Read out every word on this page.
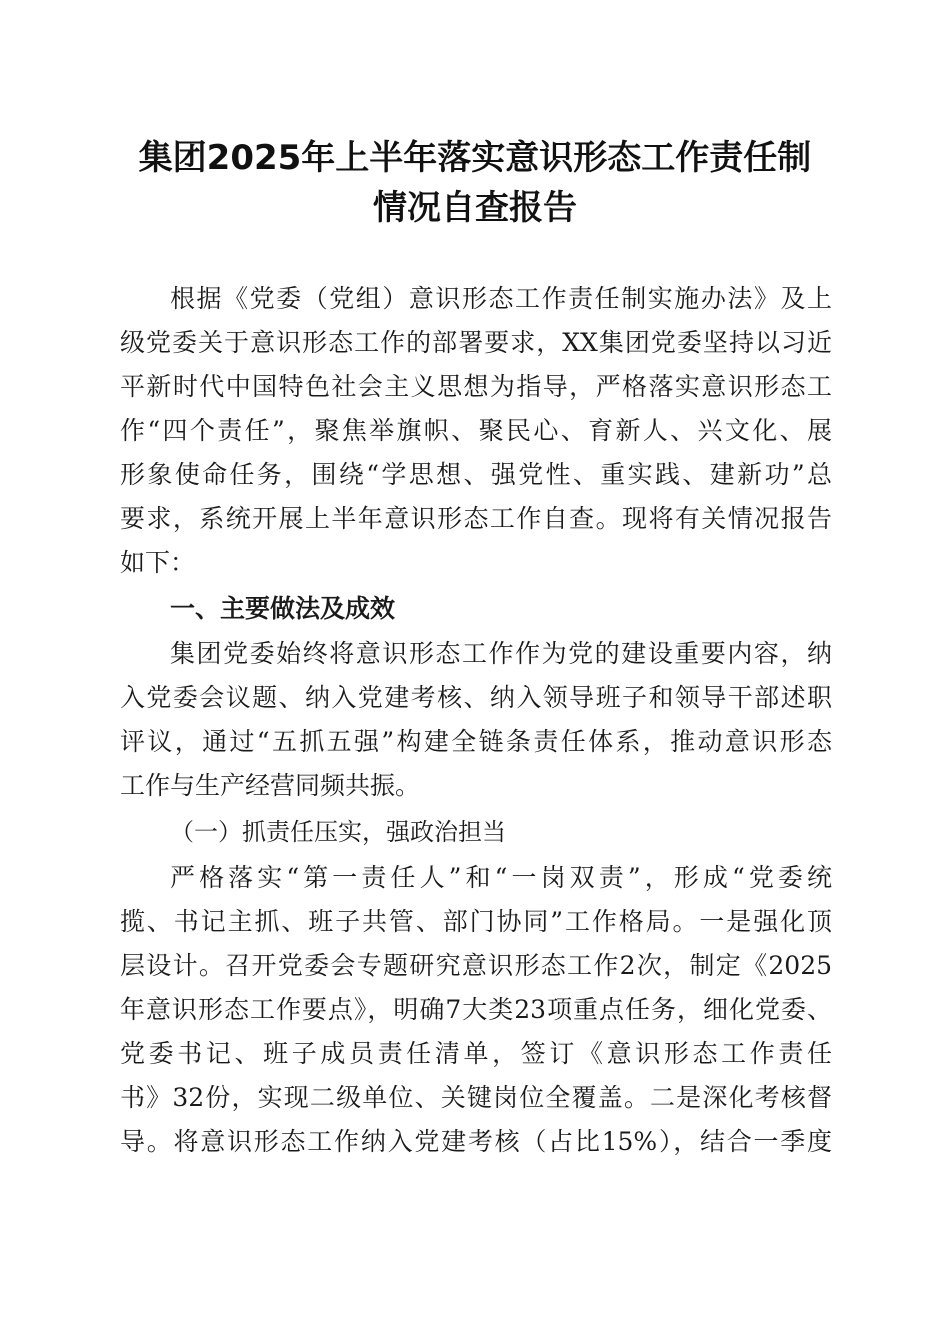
集团2025年上半年落实意识形态工作责任制
情况自查报告
根据《党委（党组）意识形态工作责任制实施办法》及上
级党委关于意识形态工作的部署要求，XX集团党委坚持以习近
平新时代中国特色社会主义思想为指导，严格落实意识形态工
作“四个责任”，聚焦举旗帜、聚民心、育新人、兴文化、展
形象使命任务，围绕“学思想、强党性、重实践、建新功”总
要求，系统开展上半年意识形态工作自查。现将有关情况报告
如下：
一、主要做法及成效
集团党委始终将意识形态工作作为党的建设重要内容，纳
入党委会议题、纳入党建考核、纳入领导班子和领导干部述职
评议，通过“五抓五强”构建全链条责任体系，推动意识形态
工作与生产经营同频共振。
（一）抓责任压实，强政治担当
严格落实“第一责任人”和“一岗双责”，形成“党委统
揽、书记主抓、班子共管、部门协同”工作格局。一是强化顶
层设计。召开党委会专题研究意识形态工作2次，制定《2025
年意识形态工作要点》，明确7大类23项重点任务，细化党委、
党委书记、班子成员责任清单，签订《意识形态工作责任
书》32份，实现二级单位、关键岗位全覆盖。二是深化考核督
导。将意识形态工作纳入党建考核（占比15%），结合一季度
